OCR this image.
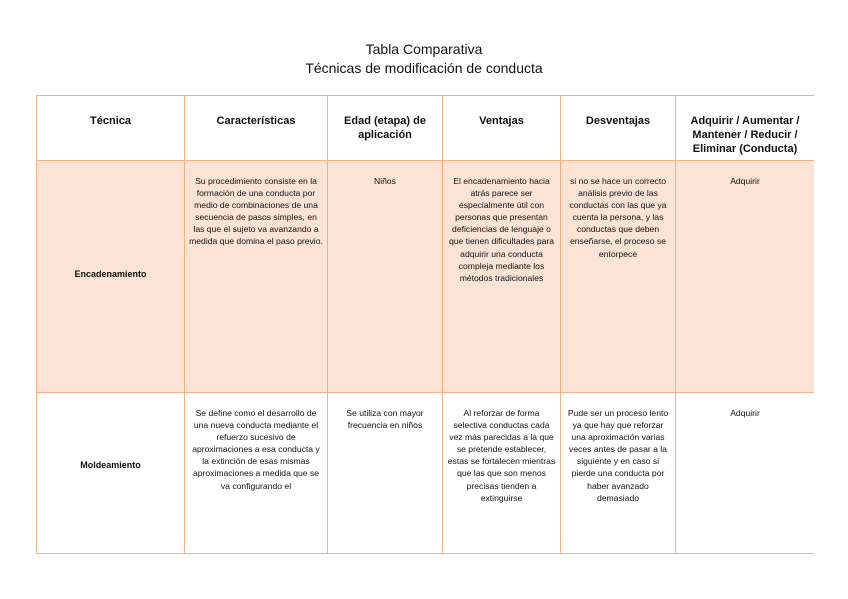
Tabla Comparativa
Técnicas de modificación de conducta
Técnica	Características	Edad (etapa) de aplicación	Ventajas	Desventajas	Adquirir / Aumentar / Mantener / Reducir / Eliminar (Conducta)
Encadenamiento	Su procedimiento consiste en la formación de una conducta por medio de combinaciones de una secuencia de pasos simples, en las que el sujeto va avanzando a medida que domina el paso previo.	Niños	El encadenamiento hacia atrás parece ser especialmente útil con personas que presentan deficiencias de lenguaje o que tienen dificultades para adquirir una conducta compleja mediante los métodos tradicionales	si no se hace un correcto análisis previo de las conductas con las que ya cuenta la persona, y las conductas que deben enseñarse, el proceso se entorpece	Adquirir
Moldeamiento	Se define como el desarrollo de una nueva conducta mediante el refuerzo sucesivo de aproximaciones a esa conducta y la extinción de esas mismas aproximaciones a medida que se va configurando el	Se utiliza con mayor frecuencia en niños	Al reforzar de forma selectiva conductas cada vez más parecidas a la que se pretende establecer, estas se fortalecen mientras que las que son menos precisas tienden a extinguirse	Pude ser un proceso lento ya que hay que reforzar una aproximación varias veces antes de pasar a la siguiente y en caso si pierde una conducta por haber avanzado demasiado	Adquirir
